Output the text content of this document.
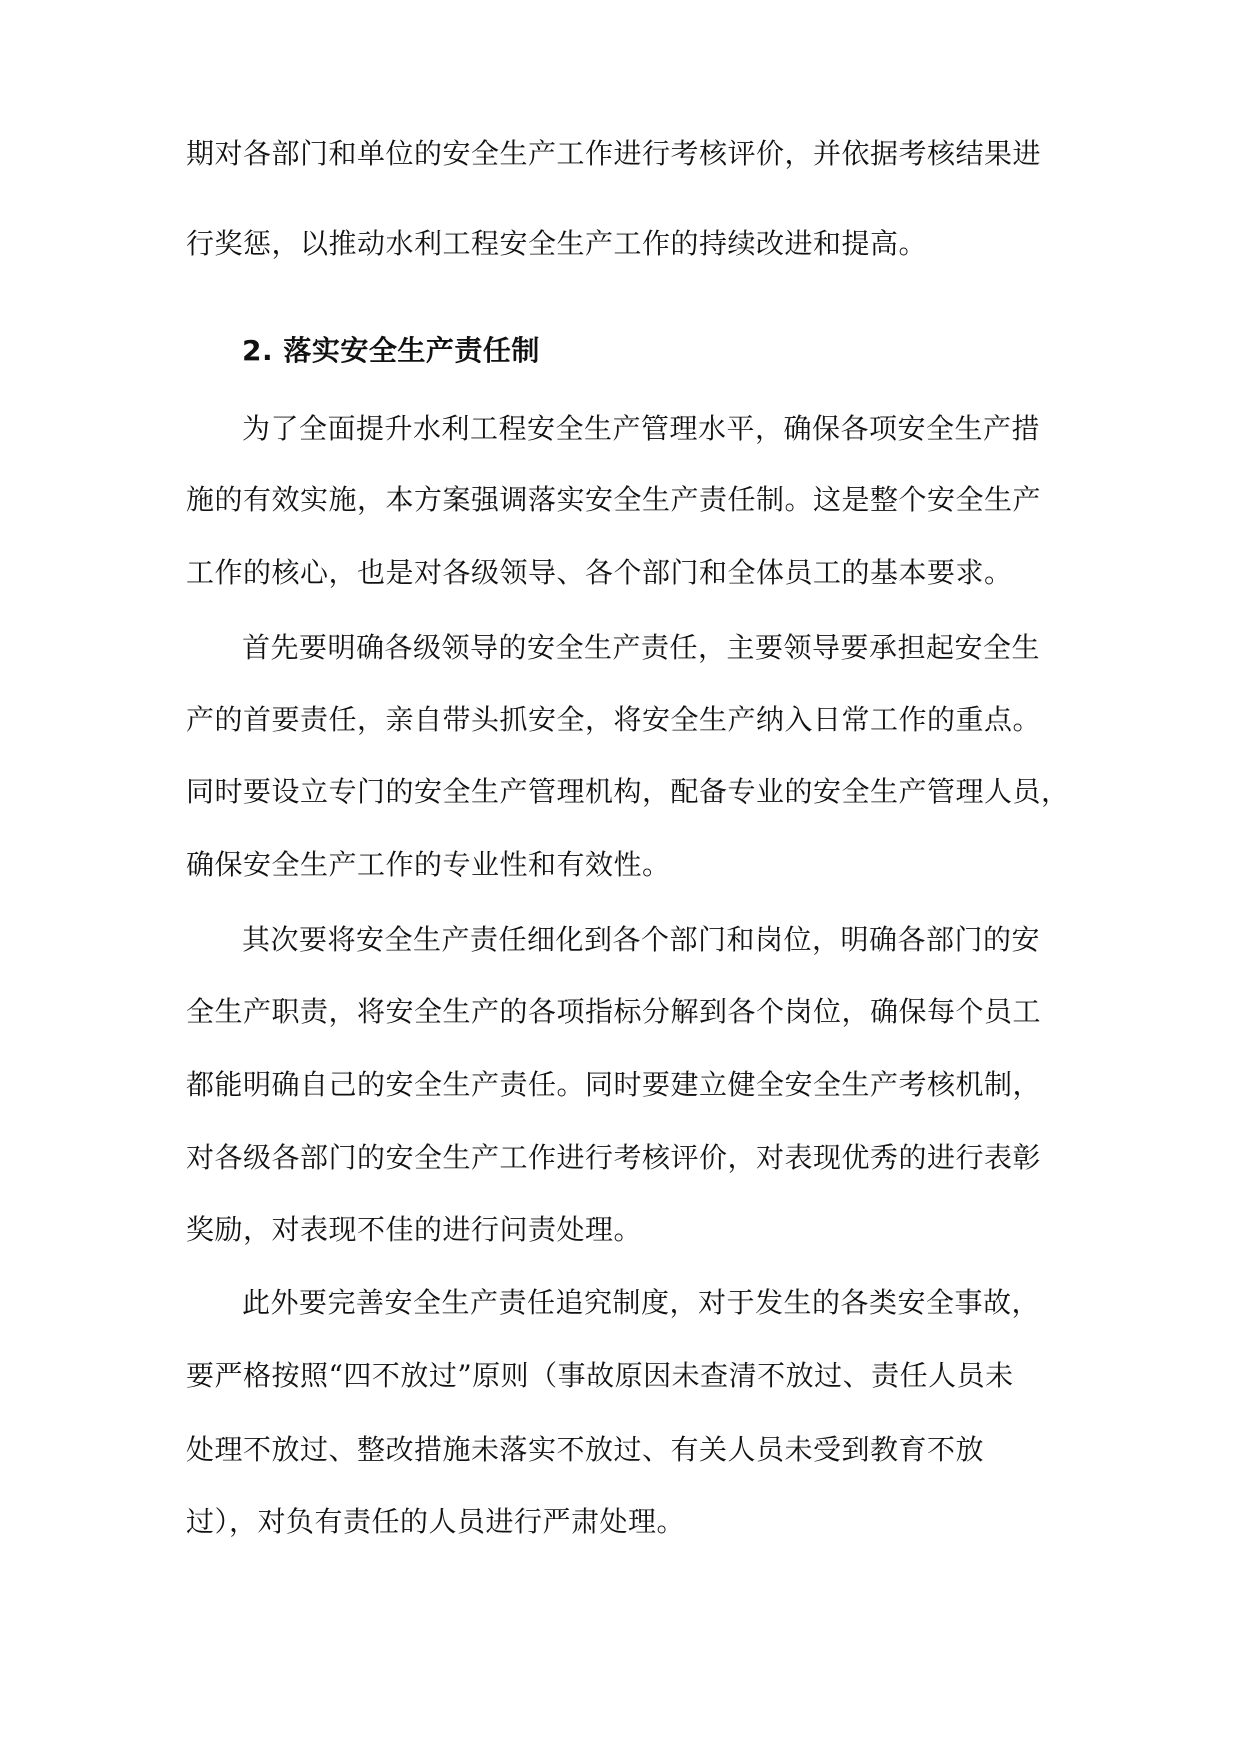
期对各部门和单位的安全生产工作进行考核评价，并依据考核结果进
行奖惩，以推动水利工程安全生产工作的持续改进和提高。
2. 落实安全生产责任制
为了全面提升水利工程安全生产管理水平，确保各项安全生产措
施的有效实施，本方案强调落实安全生产责任制。这是整个安全生产
工作的核心，也是对各级领导、各个部门和全体员工的基本要求。
首先要明确各级领导的安全生产责任，主要领导要承担起安全生
产的首要责任，亲自带头抓安全，将安全生产纳入日常工作的重点。
同时要设立专门的安全生产管理机构，配备专业的安全生产管理人员，
确保安全生产工作的专业性和有效性。
其次要将安全生产责任细化到各个部门和岗位，明确各部门的安
全生产职责，将安全生产的各项指标分解到各个岗位，确保每个员工
都能明确自己的安全生产责任。同时要建立健全安全生产考核机制，
对各级各部门的安全生产工作进行考核评价，对表现优秀的进行表彰
奖励，对表现不佳的进行问责处理。
此外要完善安全生产责任追究制度，对于发生的各类安全事故，
要严格按照“四不放过”原则（事故原因未查清不放过、责任人员未
处理不放过、整改措施未落实不放过、有关人员未受到教育不放
过），对负有责任的人员进行严肃处理。
